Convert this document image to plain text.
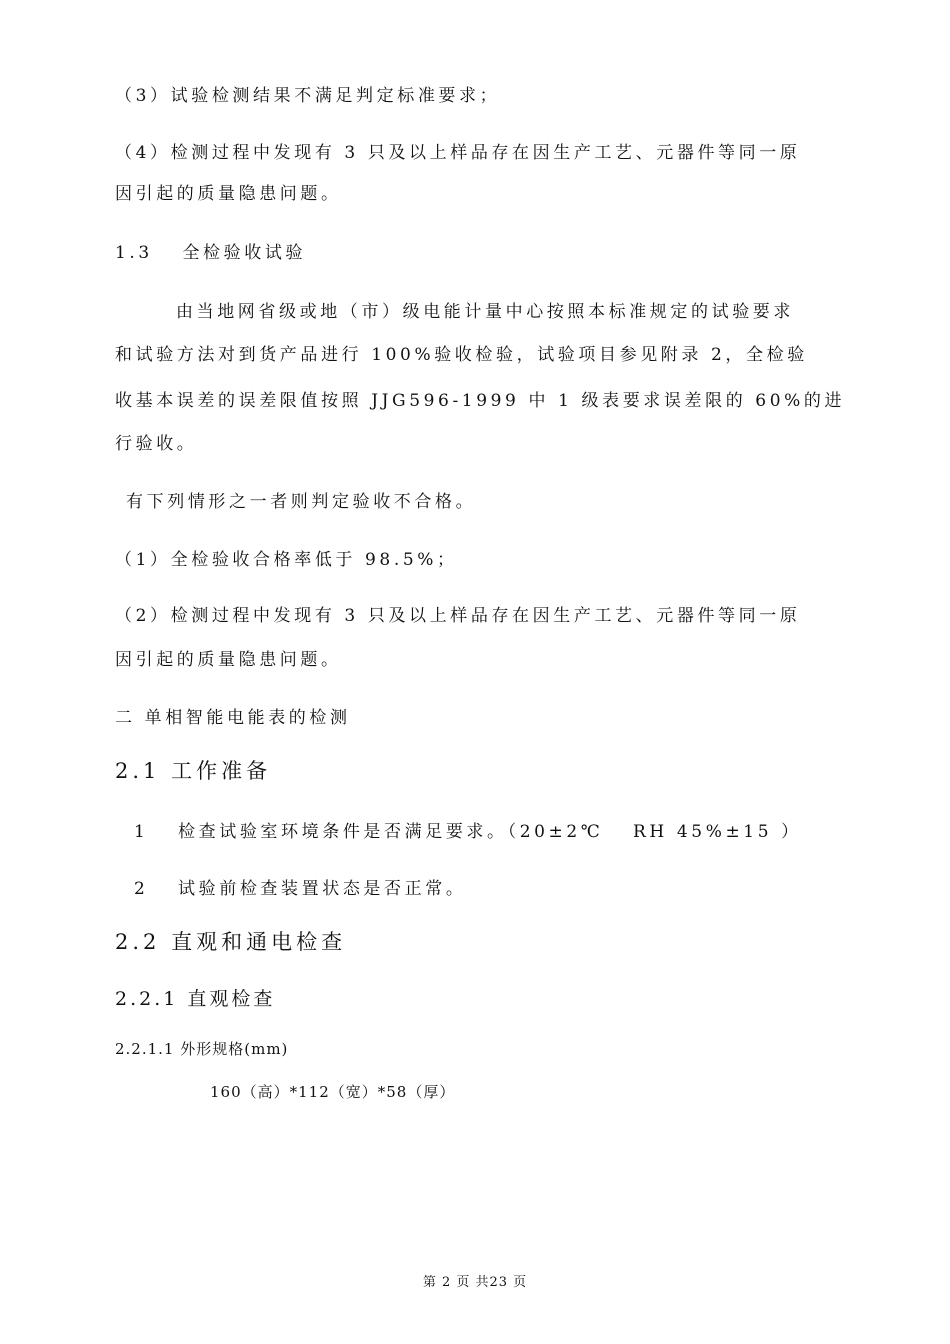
（3）试验检测结果不满足判定标准要求；
（4）检测过程中发现有 3 只及以上样品存在因生产工艺、元器件等同一原
因引起的质量隐患问题。
1.3　 全检验收试验
由当地网省级或地（市）级电能计量中心按照本标准规定的试验要求
和试验方法对到货产品进行 100%验收检验，试验项目参见附录 2，全检验
收基本误差的误差限值按照 JJG596-1999 中 1 级表要求误差限的 60%的进
行验收。
有下列情形之一者则判定验收不合格。
（1）全检验收合格率低于 98.5%；
（2）检测过程中发现有 3 只及以上样品存在因生产工艺、元器件等同一原
因引起的质量隐患问题。
二 单相智能电能表的检测
2.1 工作准备
1　 检查试验室环境条件是否满足要求。（20±2℃　 RH 45%±15 ）
2　 试验前检查装置状态是否正常。
2.2 直观和通电检查
2.2.1 直观检查
2.2.1.1 外形规格(mm)
160（高）*112（宽）*58（厚）
第 2 页 共23 页
